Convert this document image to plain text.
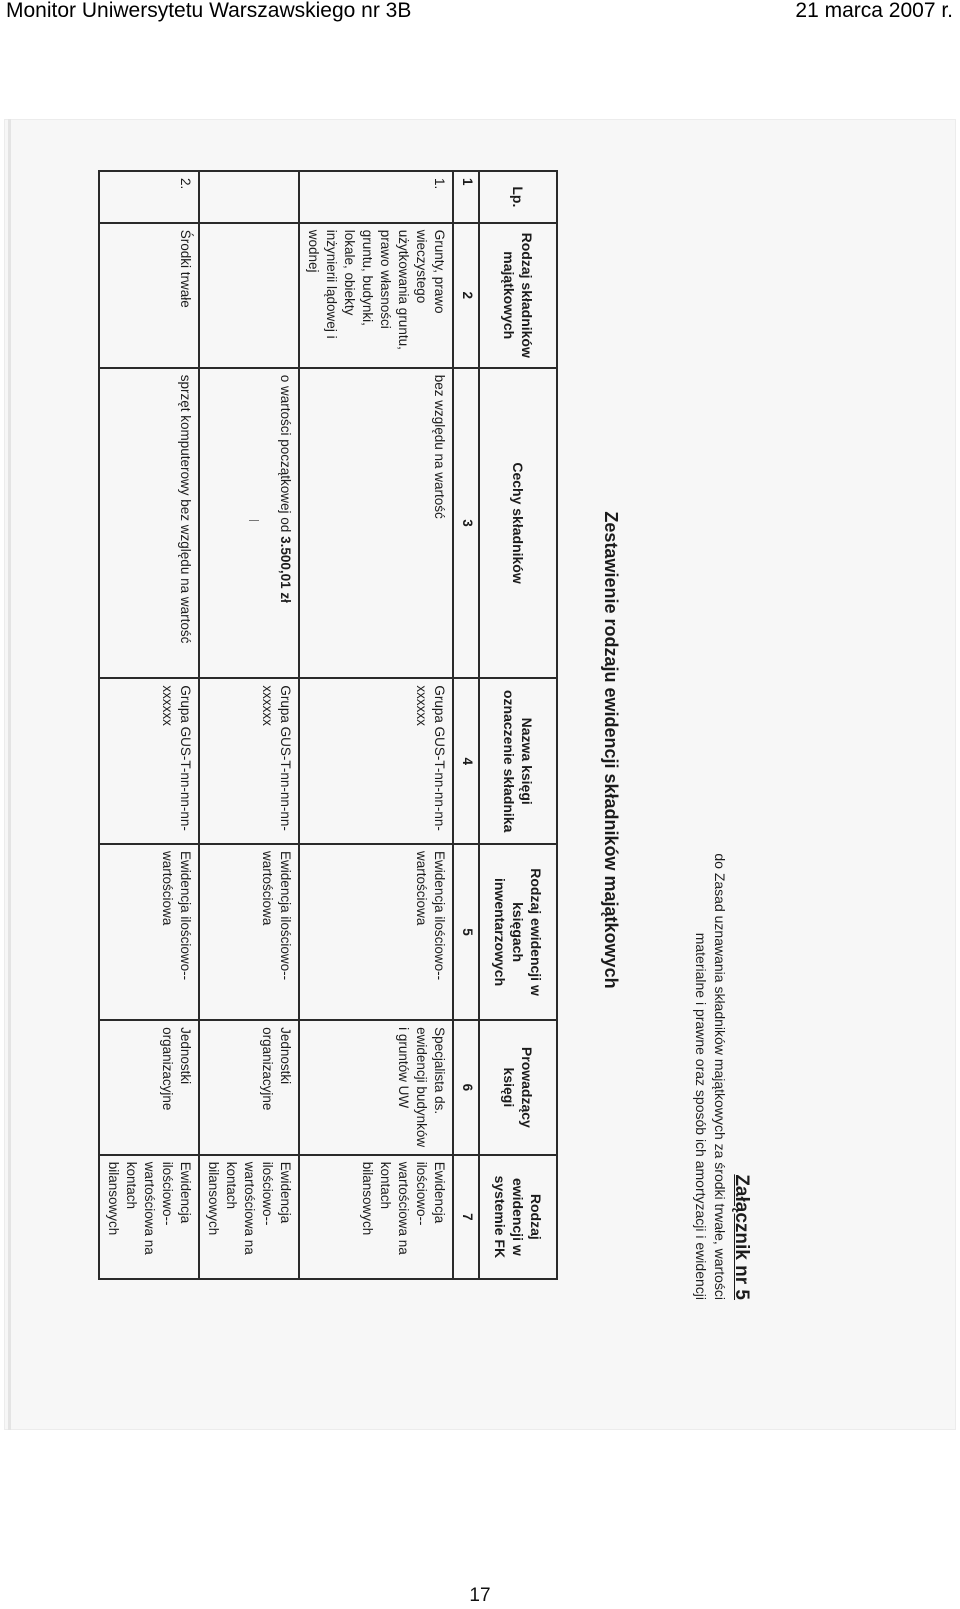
Monitor Uniwersytetu Warszawskiego nr 3B	21 marca 2007 r.
Załącznik nr 5
do Zasad uznawania składników majątkowych za środki trwałe, wartości
materialne i prawne oraz sposób ich amortyzacji i ewidencji
Zestawienie rodzaju ewidencji składników majątkowych
Lp.	Rodzaj składników majątkowych	Cechy składników	Nazwa księgi oznaczenie składnika	Rodzaj ewidencji w księgach inwentarzowych	Prowadzący księgi	Rodzaj ewidencji w systemie FK
1	2	3	4	5	6	7
1.	Grunty, prawo wieczystego użytkowania gruntu, prawo własności gruntu, budynki, lokale, obiekty inżynierii lądowej i wodnej	bez względu na wartość	Grupa GUS-T-nn-nn-nn-xxxxxx	Ewidencja ilościowo--wartościowa	Specjalista ds. ewidencji budynków i gruntów UW	Ewidencja ilościowo--wartościowa na kontach bilansowych
		o wartości początkowej od 3.500,01 zł	Grupa GUS-T-nn-nn-nn-xxxxxx	Ewidencja ilościowo--wartościowa	Jednostki organizacyjne	Ewidencja ilościowo--wartościowa na kontach bilansowych
2.	Środki trwałe	sprzęt komputerowy bez względu na wartość	Grupa GUS-T-nn-nn-nn-xxxxxx	Ewidencja ilościowo--wartościowa	Jednostki organizacyjne	Ewidencja ilościowo--wartościowa na kontach bilansowych
17
